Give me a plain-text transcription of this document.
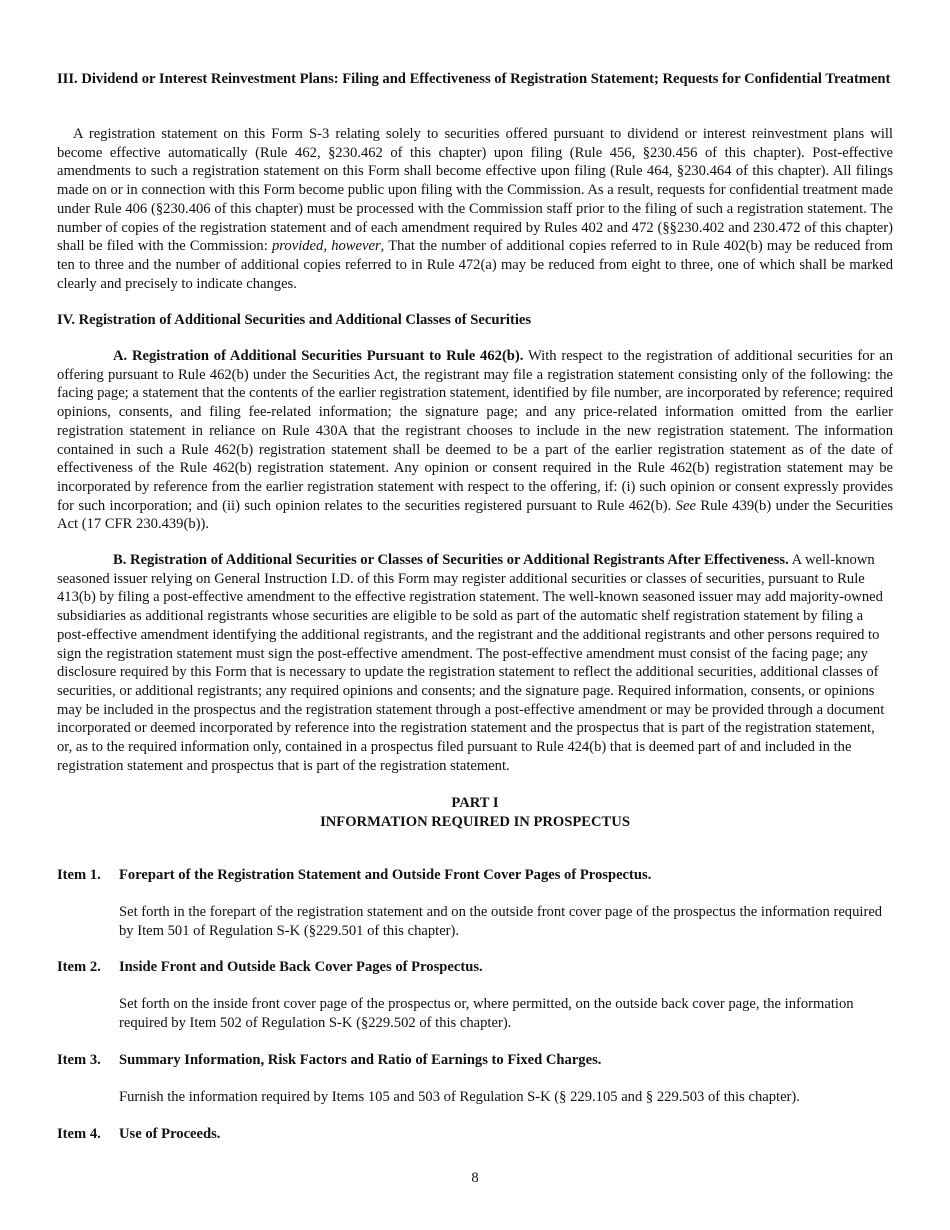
III. Dividend or Interest Reinvestment Plans: Filing and Effectiveness of Registration Statement; Requests for Confidential Treatment
A registration statement on this Form S-3 relating solely to securities offered pursuant to dividend or interest reinvestment plans will become effective automatically (Rule 462, §230.462 of this chapter) upon filing (Rule 456, §230.456 of this chapter). Post-effective amendments to such a registration statement on this Form shall become effective upon filing (Rule 464, §230.464 of this chapter). All filings made on or in connection with this Form become public upon filing with the Commission. As a result, requests for confidential treatment made under Rule 406 (§230.406 of this chapter) must be processed with the Commission staff prior to the filing of such a registration statement. The number of copies of the registration statement and of each amendment required by Rules 402 and 472 (§§230.402 and 230.472 of this chapter) shall be filed with the Commission: provided, however, That the number of additional copies referred to in Rule 402(b) may be reduced from ten to three and the number of additional copies referred to in Rule 472(a) may be reduced from eight to three, one of which shall be marked clearly and precisely to indicate changes.
IV. Registration of Additional Securities and Additional Classes of Securities
A. Registration of Additional Securities Pursuant to Rule 462(b). With respect to the registration of additional securities for an offering pursuant to Rule 462(b) under the Securities Act, the registrant may file a registration statement consisting only of the following: the facing page; a statement that the contents of the earlier registration statement, identified by file number, are incorporated by reference; required opinions, consents, and filing fee-related information; the signature page; and any price-related information omitted from the earlier registration statement in reliance on Rule 430A that the registrant chooses to include in the new registration statement. The information contained in such a Rule 462(b) registration statement shall be deemed to be a part of the earlier registration statement as of the date of effectiveness of the Rule 462(b) registration statement. Any opinion or consent required in the Rule 462(b) registration statement may be incorporated by reference from the earlier registration statement with respect to the offering, if: (i) such opinion or consent expressly provides for such incorporation; and (ii) such opinion relates to the securities registered pursuant to Rule 462(b). See Rule 439(b) under the Securities Act (17 CFR 230.439(b)).
B. Registration of Additional Securities or Classes of Securities or Additional Registrants After Effectiveness. A well-known seasoned issuer relying on General Instruction I.D. of this Form may register additional securities or classes of securities, pursuant to Rule 413(b) by filing a post-effective amendment to the effective registration statement. The well-known seasoned issuer may add majority-owned subsidiaries as additional registrants whose securities are eligible to be sold as part of the automatic shelf registration statement by filing a post-effective amendment identifying the additional registrants, and the registrant and the additional registrants and other persons required to sign the registration statement must sign the post-effective amendment. The post-effective amendment must consist of the facing page; any disclosure required by this Form that is necessary to update the registration statement to reflect the additional securities, additional classes of securities, or additional registrants; any required opinions and consents; and the signature page. Required information, consents, or opinions may be included in the prospectus and the registration statement through a post-effective amendment or may be provided through a document incorporated or deemed incorporated by reference into the registration statement and the prospectus that is part of the registration statement, or, as to the required information only, contained in a prospectus filed pursuant to Rule 424(b) that is deemed part of and included in the registration statement and prospectus that is part of the registration statement.
PART I
INFORMATION REQUIRED IN PROSPECTUS
Item 1.	Forepart of the Registration Statement and Outside Front Cover Pages of Prospectus.
Set forth in the forepart of the registration statement and on the outside front cover page of the prospectus the information required by Item 501 of Regulation S-K (§229.501 of this chapter).
Item 2.	Inside Front and Outside Back Cover Pages of Prospectus.
Set forth on the inside front cover page of the prospectus or, where permitted, on the outside back cover page, the information required by Item 502 of Regulation S-K (§229.502 of this chapter).
Item 3.	Summary Information, Risk Factors and Ratio of Earnings to Fixed Charges.
Furnish the information required by Items 105 and 503 of Regulation S-K (§ 229.105 and § 229.503 of this chapter).
Item 4.	Use of Proceeds.
8
